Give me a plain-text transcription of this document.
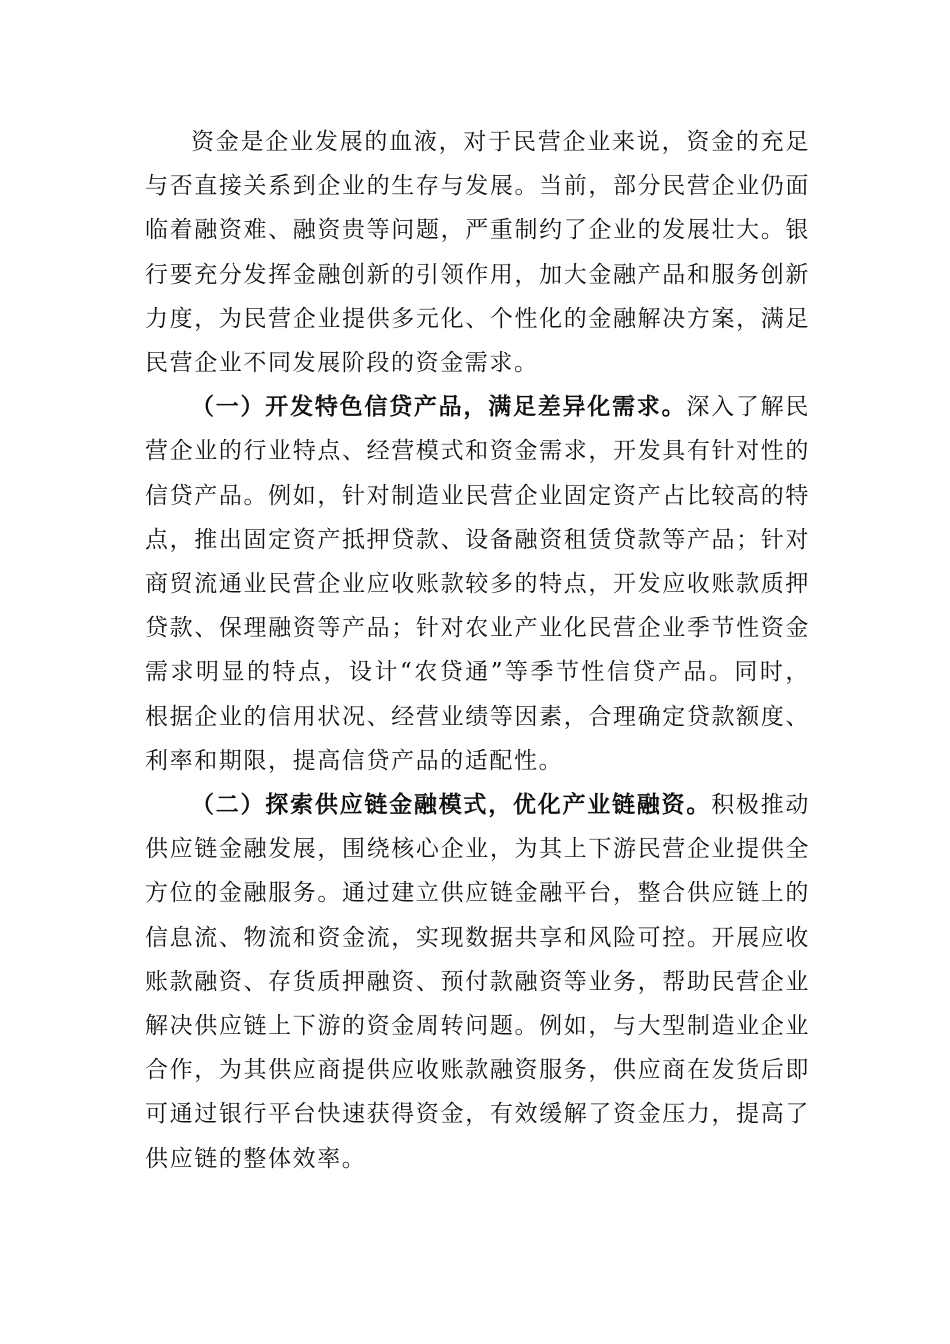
资金是企业发展的血液，对于民营企业来说，资金的充足与否直接关系到企业的生存与发展。当前，部分民营企业仍面临着融资难、融资贵等问题，严重制约了企业的发展壮大。银行要充分发挥金融创新的引领作用，加大金融产品和服务创新力度，为民营企业提供多元化、个性化的金融解决方案，满足民营企业不同发展阶段的资金需求。

（一）开发特色信贷产品，满足差异化需求。深入了解民营企业的行业特点、经营模式和资金需求，开发具有针对性的信贷产品。例如，针对制造业民营企业固定资产占比较高的特点，推出固定资产抵押贷款、设备融资租赁贷款等产品；针对商贸流通业民营企业应收账款较多的特点，开发应收账款质押贷款、保理融资等产品；针对农业产业化民营企业季节性资金需求明显的特点，设计“农贷通”等季节性信贷产品。同时，根据企业的信用状况、经营业绩等因素，合理确定贷款额度、利率和期限，提高信贷产品的适配性。

（二）探索供应链金融模式，优化产业链融资。积极推动供应链金融发展，围绕核心企业，为其上下游民营企业提供全方位的金融服务。通过建立供应链金融平台，整合供应链上的信息流、物流和资金流，实现数据共享和风险可控。开展应收账款融资、存货质押融资、预付款融资等业务，帮助民营企业解决供应链上下游的资金周转问题。例如，与大型制造业企业合作，为其供应商提供应收账款融资服务，供应商在发货后即可通过银行平台快速获得资金，有效缓解了资金压力，提高了供应链的整体效率。
